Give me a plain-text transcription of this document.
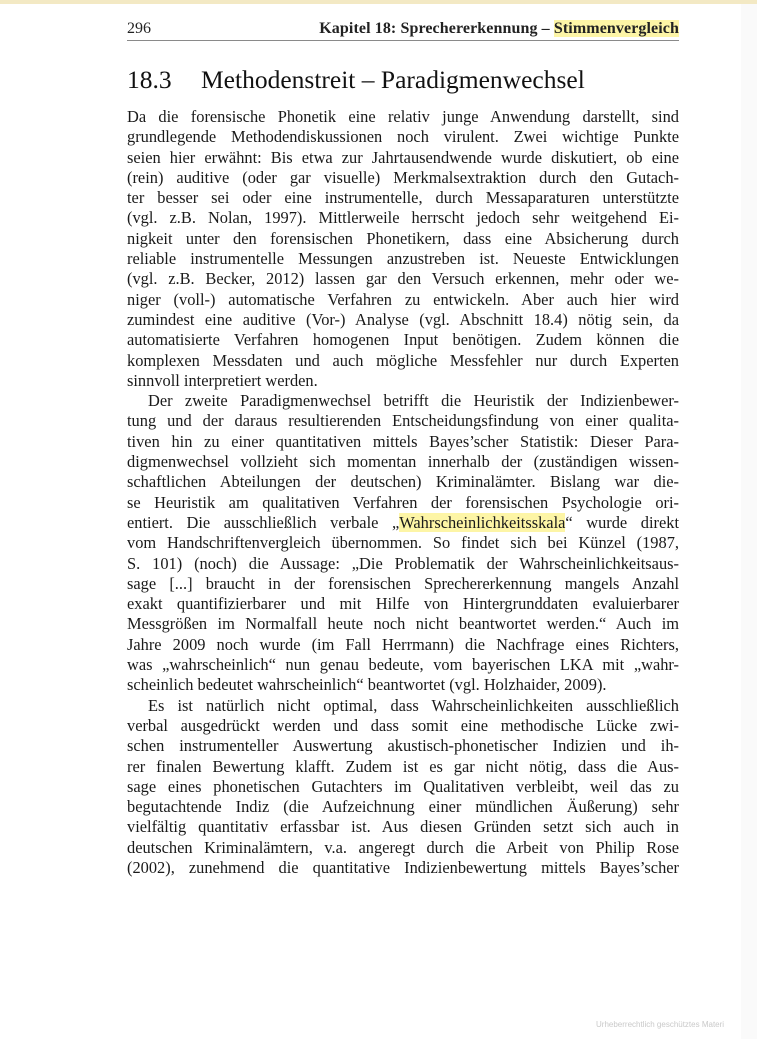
296	Kapitel 18: Sprechererkennung – Stimmenvergleich
18.3 Methodenstreit – Paradigmenwechsel
Da die forensische Phonetik eine relativ junge Anwendung darstellt, sind
grundlegende Methodendiskussionen noch virulent. Zwei wichtige Punkte
seien hier erwähnt: Bis etwa zur Jahrtausendwende wurde diskutiert, ob eine
(rein) auditive (oder gar visuelle) Merkmalsextraktion durch den Gutach-
ter besser sei oder eine instrumentelle, durch Messaparaturen unterstützte
(vgl. z.B. Nolan, 1997). Mittlerweile herrscht jedoch sehr weitgehend Ei-
nigkeit unter den forensischen Phonetikern, dass eine Absicherung durch
reliable instrumentelle Messungen anzustreben ist. Neueste Entwicklungen
(vgl. z.B. Becker, 2012) lassen gar den Versuch erkennen, mehr oder we-
niger (voll-) automatische Verfahren zu entwickeln. Aber auch hier wird
zumindest eine auditive (Vor-) Analyse (vgl. Abschnitt 18.4) nötig sein, da
automatisierte Verfahren homogenen Input benötigen. Zudem können die
komplexen Messdaten und auch mögliche Messfehler nur durch Experten
sinnvoll interpretiert werden.
Der zweite Paradigmenwechsel betrifft die Heuristik der Indizienbewer-
tung und der daraus resultierenden Entscheidungsfindung von einer qualita-
tiven hin zu einer quantitativen mittels Bayes’scher Statistik: Dieser Para-
digmenwechsel vollzieht sich momentan innerhalb der (zuständigen wissen-
schaftlichen Abteilungen der deutschen) Kriminalämter. Bislang war die-
se Heuristik am qualitativen Verfahren der forensischen Psychologie ori-
entiert. Die ausschließlich verbale „Wahrscheinlichkeitsskala“ wurde direkt
vom Handschriftenvergleich übernommen. So findet sich bei Künzel (1987,
S. 101) (noch) die Aussage: „Die Problematik der Wahrscheinlichkeitsaus-
sage [...] braucht in der forensischen Sprechererkennung mangels Anzahl
exakt quantifizierbarer und mit Hilfe von Hintergrunddaten evaluierbarer
Messgrößen im Normalfall heute noch nicht beantwortet werden.“ Auch im
Jahre 2009 noch wurde (im Fall Herrmann) die Nachfrage eines Richters,
was „wahrscheinlich“ nun genau bedeute, vom bayerischen LKA mit „wahr-
scheinlich bedeutet wahrscheinlich“ beantwortet (vgl. Holzhaider, 2009).
Es ist natürlich nicht optimal, dass Wahrscheinlichkeiten ausschließlich
verbal ausgedrückt werden und dass somit eine methodische Lücke zwi-
schen instrumenteller Auswertung akustisch-phonetischer Indizien und ih-
rer finalen Bewertung klafft. Zudem ist es gar nicht nötig, dass die Aus-
sage eines phonetischen Gutachters im Qualitativen verbleibt, weil das zu
begutachtende Indiz (die Aufzeichnung einer mündlichen Äußerung) sehr
vielfältig quantitativ erfassbar ist. Aus diesen Gründen setzt sich auch in
deutschen Kriminalämtern, v.a. angeregt durch die Arbeit von Philip Rose
(2002), zunehmend die quantitative Indizienbewertung mittels Bayes’scher
Urheberrechtlich geschütztes Materi
